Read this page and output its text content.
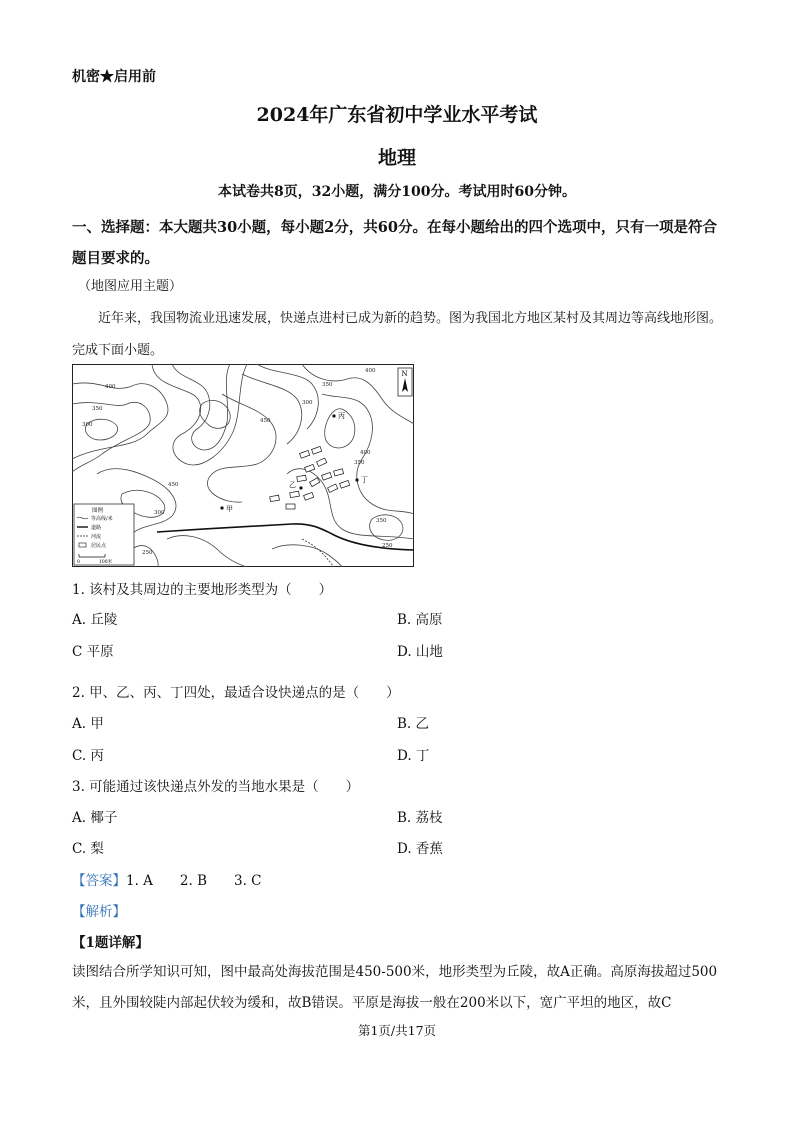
机密★启用前
2024年广东省初中学业水平考试
地理
本试卷共8页，32小题，满分100分。考试用时60分钟。
一、选择题：本大题共30小题，每小题2分，共60分。在每小题给出的四个选项中，只有一项是符合题目要求的。
（地图应用主题）
近年来，我国物流业迅速发展，快递点进村已成为新的趋势。图为我国北方地区某村及其周边等高线地形图。完成下面小题。
甲
乙
丙
丁
400
350
300
450
450
300
350
400
300
350
400
350
250
250
N
图例
等高线/米
道路
河流
居民点
0	100米
1. 该村及其周边的主要地形类型为（　　）
A. 丘陵	B. 高原
C 平原	D. 山地
2. 甲、乙、丙、丁四处，最适合设快递点的是（　　）
A. 甲	B. 乙
C. 丙	D. 丁
3. 可能通过该快递点外发的当地水果是（　　）
A. 椰子	B. 荔枝
C. 梨	D. 香蕉
【答案】1. A　　2. B　　3. C
【解析】
【1题详解】
读图结合所学知识可知，图中最高处海拔范围是450-500米，地形类型为丘陵，故A正确。高原海拔超过500米，且外围较陡内部起伏较为缓和，故B错误。平原是海拔一般在200米以下，宽广平坦的地区，故C
第1页/共17页
